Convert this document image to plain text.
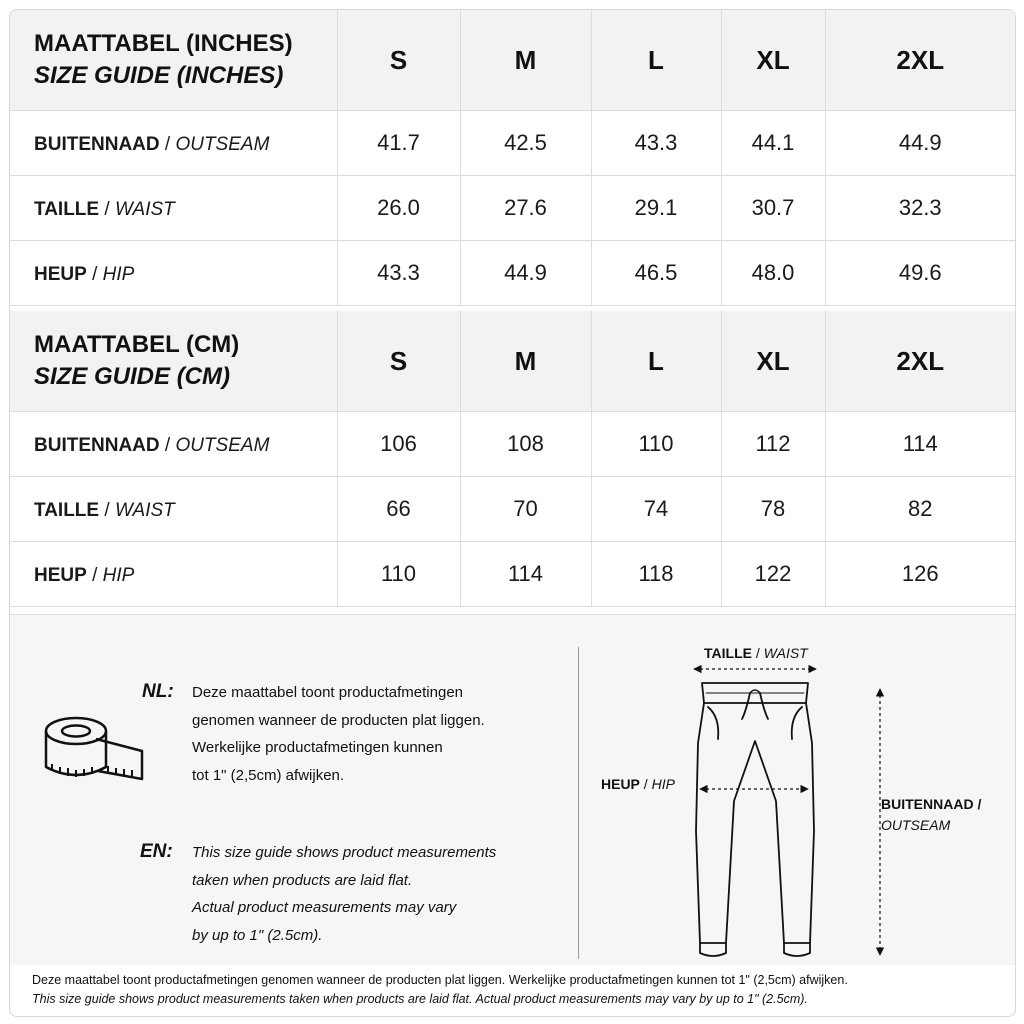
MAATTABEL (INCHES)
SIZE GUIDE (INCHES)	S	M	L	XL	2XL
BUITENNAAD / OUTSEAM	41.7	42.5	43.3	44.1	44.9
TAILLE / WAIST	26.0	27.6	29.1	30.7	32.3
HEUP / HIP	43.3	44.9	46.5	48.0	49.6
MAATTABEL (CM)
SIZE GUIDE (CM)	S	M	L	XL	2XL
BUITENNAAD / OUTSEAM	106	108	110	112	114
TAILLE / WAIST	66	70	74	78	82
HEUP / HIP	110	114	118	122	126
NL: Deze maattabel toont productafmetingen
genomen wanneer de producten plat liggen.
Werkelijke productafmetingen kunnen
tot 1" (2,5cm) afwijken.
EN: This size guide shows product measurements
taken when products are laid flat.
Actual product measurements may vary
by up to 1" (2.5cm).
TAILLE / WAIST
HEUP / HIP
BUITENNAAD /
OUTSEAM
Deze maattabel toont productafmetingen genomen wanneer de producten plat liggen. Werkelijke productafmetingen kunnen tot 1" (2,5cm) afwijken.
This size guide shows product measurements taken when products are laid flat. Actual product measurements may vary by up to 1" (2.5cm).
